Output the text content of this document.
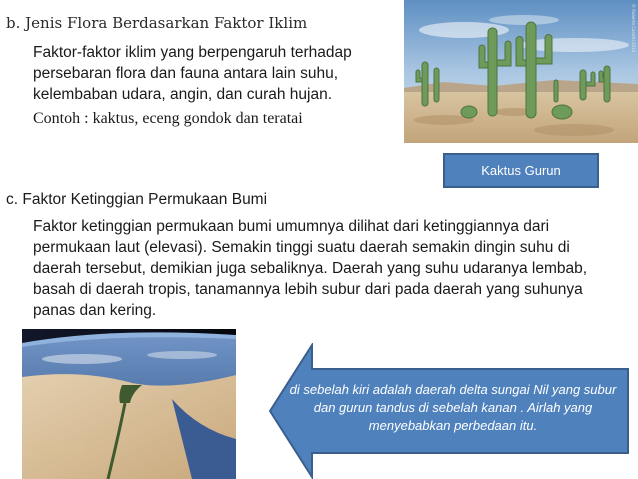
b. Jenis Flora Berdasarkan Faktor Iklim
Faktor-faktor iklim yang berpengaruh terhadap persebaran flora dan fauna antara lain suhu, kelembaban udara, angin, dan curah hujan.
Contoh : kaktus, eceng gondok dan teratai
© Roberto Canetti 2014
Kaktus Gurun
c. Faktor Ketinggian Permukaan Bumi
Faktor ketinggian permukaan bumi umumnya dilihat dari ketinggiannya dari permukaan laut (elevasi). Semakin tinggi suatu daerah semakin dingin suhu di daerah tersebut, demikian juga sebaliknya. Daerah yang suhu udaranya lembab, basah di daerah tropis, tanamannya lebih subur dari pada daerah yang suhunya panas dan kering.
di sebelah kiri adalah daerah delta sungai Nil yang subur dan gurun tandus di sebelah kanan . Airlah yang menyebabkan perbedaan itu.
